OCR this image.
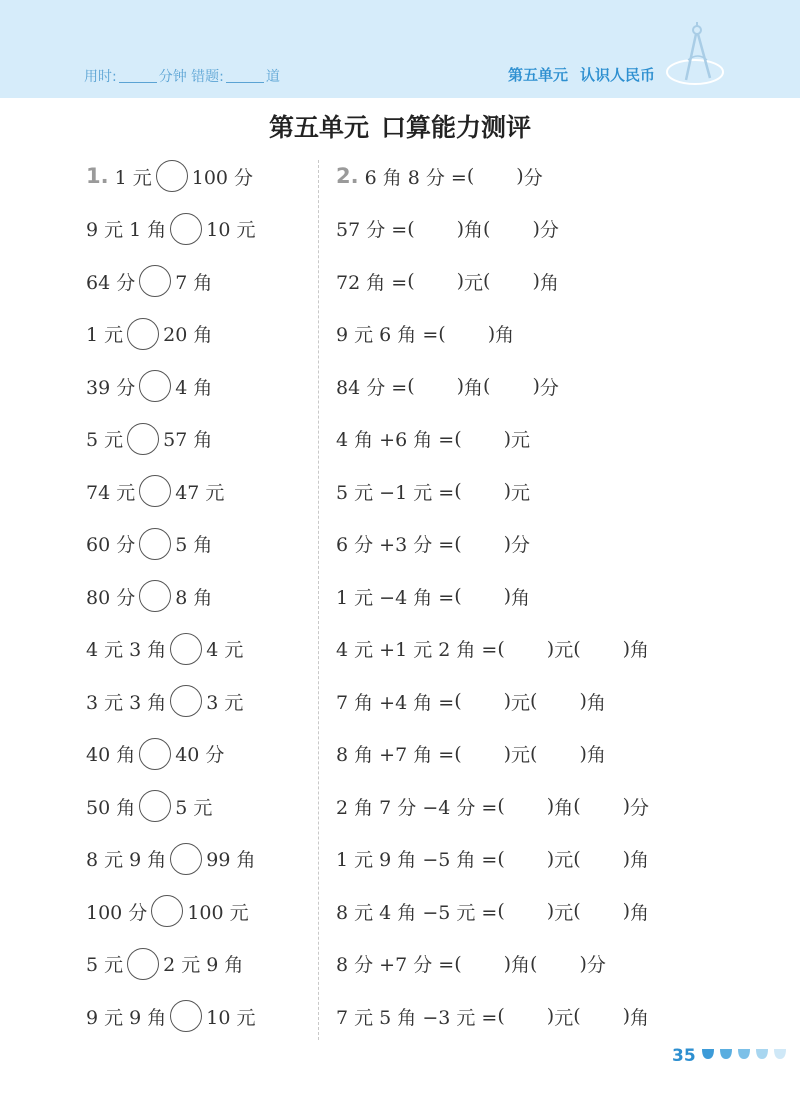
用时:	分钟 错题:	道	第五单元 认识人民币
第五单元 口算能力测评
1. 1 元 100 分
9 元 1 角 10 元
64 分 7 角
1 元 20 角
39 分 4 角
5 元 57 角
74 元 47 元
60 分 5 角
80 分 8 角
4 元 3 角 4 元
3 元 3 角 3 元
40 角 40 分
50 角 5 元
8 元 9 角 99 角
100 分 100 元
5 元 2 元 9 角
9 元 9 角 10 元
2. 6 角 8 分 = ( ) 分
57 分 = ( ) 角 ( ) 分
72 角 = ( ) 元 ( ) 角
9 元 6 角 = ( ) 角
84 分 = ( ) 角 ( ) 分
4 角 +6 角 = ( ) 元
5 元 −1 元 = ( ) 元
6 分 +3 分 = ( ) 分
1 元 −4 角 = ( ) 角
4 元 +1 元 2 角 = ( ) 元 ( ) 角
7 角 +4 角 = ( ) 元 ( ) 角
8 角 +7 角 = ( ) 元 ( ) 角
2 角 7 分 −4 分 = ( ) 角 ( ) 分
1 元 9 角 −5 角 = ( ) 元 ( ) 角
8 元 4 角 −5 元 = ( ) 元 ( ) 角
8 分 +7 分 = ( ) 角 ( ) 分
7 元 5 角 −3 元 = ( ) 元 ( ) 角
35
